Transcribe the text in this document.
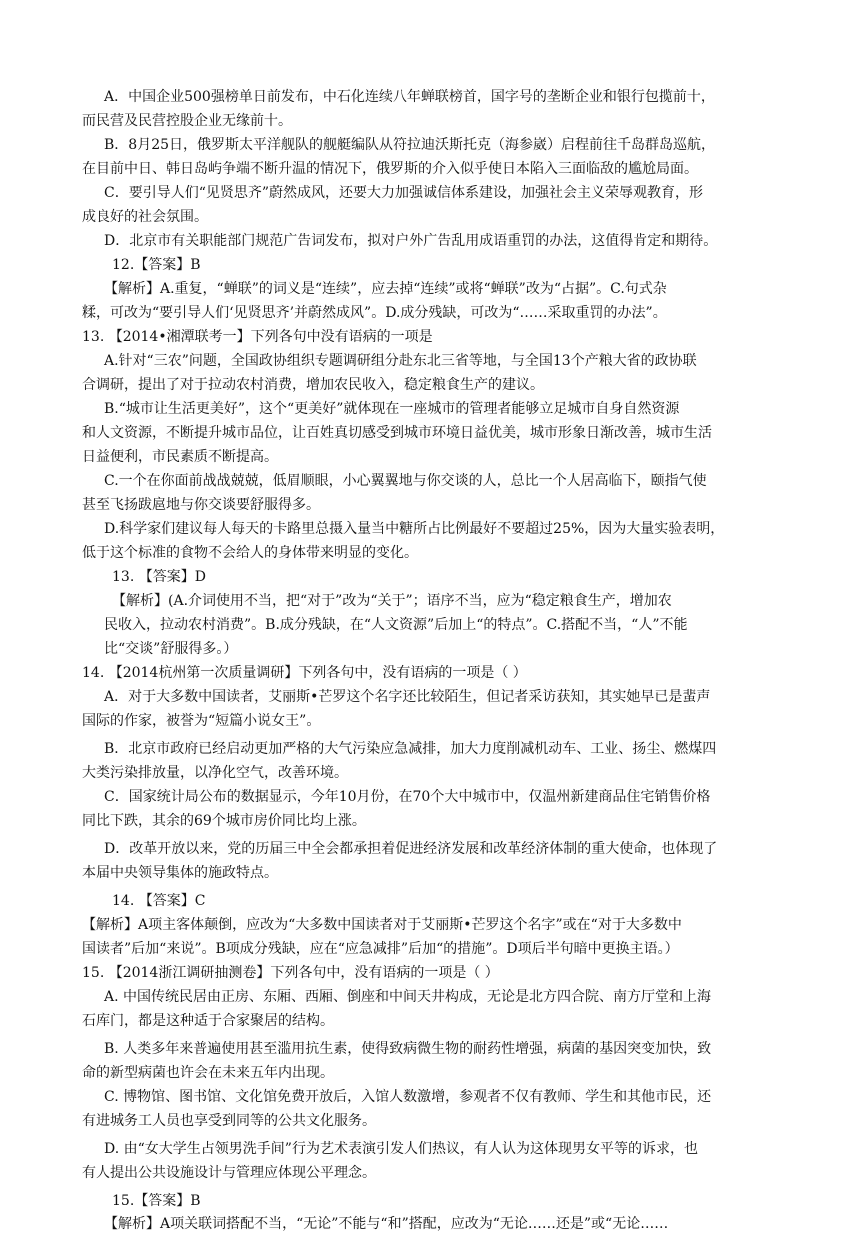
A．中国企业500强榜单日前发布，中石化连续八年蝉联榜首，国字号的垄断企业和银行包揽前十，
而民营及民营控股企业无缘前十。
B．8月25日，俄罗斯太平洋舰队的舰艇编队从符拉迪沃斯托克（海参崴）启程前往千岛群岛巡航，
在目前中日、韩日岛屿争端不断升温的情况下，俄罗斯的介入似乎使日本陷入三面临敌的尴尬局面。
C．要引导人们“见贤思齐”蔚然成风，还要大力加强诚信体系建设，加强社会主义荣辱观教育，形
成良好的社会氛围。
D．北京市有关职能部门规范广告词发布，拟对户外广告乱用成语重罚的办法，这值得肯定和期待。
12.【答案】B
【解析】A.重复，“蝉联”的词义是“连续”，应去掉“连续”或将“蝉联”改为“占据”。C.句式杂
糅，可改为“要引导人们‘见贤思齐’并蔚然成风”。D.成分残缺，可改为“……采取重罚的办法”。
13. 【2014•湘潭联考一】下列各句中没有语病的一项是
A.针对“三农”问题，全国政协组织专题调研组分赴东北三省等地，与全国13个产粮大省的政协联
合调研，提出了对于拉动农村消费，增加农民收入，稳定粮食生产的建议。
B.“城市让生活更美好”，这个“更美好”就体现在一座城市的管理者能够立足城市自身自然资源
和人文资源，不断提升城市品位，让百姓真切感受到城市环境日益优美，城市形象日渐改善，城市生活
日益便利，市民素质不断提高。
C.一个在你面前战战兢兢，低眉顺眼，小心翼翼地与你交谈的人，总比一个人居高临下，颐指气使
甚至飞扬跋扈地与你交谈要舒服得多。
D.科学家们建议每人每天的卡路里总摄入量当中糖所占比例最好不要超过25%，因为大量实验表明，
低于这个标准的食物不会给人的身体带来明显的变化。
13. 【答案】D
【解析】(A.介词使用不当，把“对于”改为“关于”；语序不当，应为“稳定粮食生产，增加农
民收入，拉动农村消费”。B.成分残缺，在“人文资源”后加上“的特点”。C.搭配不当，“人”不能
比“交谈”舒服得多。）
14. 【2014杭州第一次质量调研】下列各句中，没有语病的一项是（ ）
A．对于大多数中国读者，艾丽斯•芒罗这个名字还比较陌生，但记者采访获知，其实她早已是蜚声
国际的作家，被誉为“短篇小说女王”。
B．北京市政府已经启动更加严格的大气污染应急减排，加大力度削减机动车、工业、扬尘、燃煤四
大类污染排放量，以净化空气，改善环境。
C．国家统计局公布的数据显示，今年10月份，在70个大中城市中，仅温州新建商品住宅销售价格
同比下跌，其余的69个城市房价同比均上涨。
D．改革开放以来，党的历届三中全会都承担着促进经济发展和改革经济体制的重大使命，也体现了
本届中央领导集体的施政特点。
14. 【答案】C
【解析】A项主客体颠倒，应改为“大多数中国读者对于艾丽斯•芒罗这个名字”或在“对于大多数中
国读者”后加“来说”。B项成分残缺，应在“应急减排”后加“的措施”。D项后半句暗中更换主语。）
15. 【2014浙江调研抽测卷】下列各句中，没有语病的一项是（ ）
A. 中国传统民居由正房、东厢、西厢、倒座和中间天井构成，无论是北方四合院、南方厅堂和上海
石库门，都是这种适于合家聚居的结构。
B. 人类多年来普遍使用甚至滥用抗生素，使得致病微生物的耐药性增强，病菌的基因突变加快，致
命的新型病菌也许会在未来五年内出现。
C. 博物馆、图书馆、文化馆免费开放后，入馆人数激增，参观者不仅有教师、学生和其他市民，还
有进城务工人员也享受到同等的公共文化服务。
D. 由“女大学生占领男洗手间”行为艺术表演引发人们热议，有人认为这体现男女平等的诉求，也
有人提出公共设施设计与管理应体现公平理念。
15.【答案】B
【解析】A项关联词搭配不当，“无论”不能与“和”搭配，应改为“无论……还是”或“无论……
